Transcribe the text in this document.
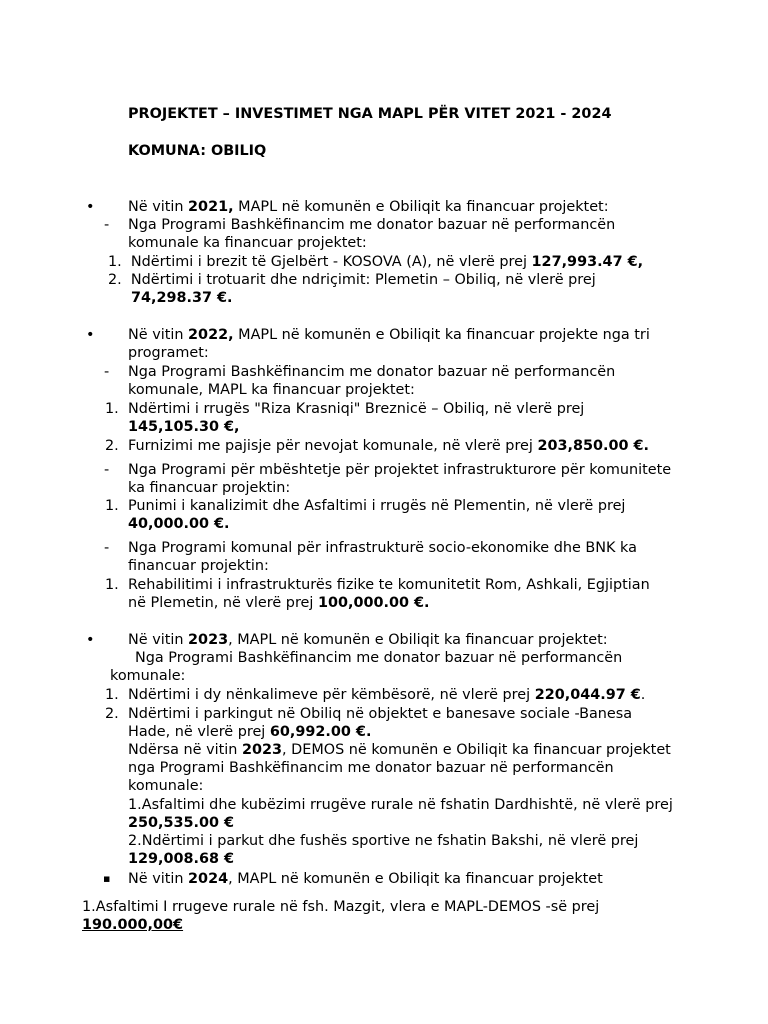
PROJEKTET – INVESTIMET NGA MAPL PËR VITET 2021 - 2024
KOMUNA: OBILIQ
• Në vitin 2021, MAPL në komunën e Obiliqit ka financuar projektet:
- Nga Programi Bashkëfinancim me donator bazuar në performancën
komunale ka financuar projektet:
1. Ndërtimi i brezit të Gjelbërt - KOSOVA (A), në vlerë prej 127,993.47 €,
2. Ndërtimi i trotuarit dhe ndriçimit: Plemetin – Obiliq, në vlerë prej
74,298.37 €.
• Në vitin 2022, MAPL në komunën e Obiliqit ka financuar projekte nga tri
programet:
- Nga Programi Bashkëfinancim me donator bazuar në performancën
komunale, MAPL ka financuar projektet:
1. Ndërtimi i rrugës "Riza Krasniqi" Breznicë – Obiliq, në vlerë prej
145,105.30 €,
2. Furnizimi me pajisje për nevojat komunale, në vlerë prej 203,850.00 €.
- Nga Programi për mbështetje për projektet infrastrukturore për komunitete
ka financuar projektin:
1. Punimi i kanalizimit dhe Asfaltimi i rrugës në Plementin, në vlerë prej
40,000.00 €.
- Nga Programi komunal për infrastrukturë socio-ekonomike dhe BNK ka
financuar projektin:
1. Rehabilitimi i infrastrukturës fizike te komunitetit Rom, Ashkali, Egjiptian
në Plemetin, në vlerë prej 100,000.00 €.
• Në vitin 2023, MAPL në komunën e Obiliqit ka financuar projektet:
Nga Programi Bashkëfinancim me donator bazuar në performancën
komunale:
1. Ndërtimi i dy nënkalimeve për këmbësorë, në vlerë prej 220,044.97 €.
2. Ndërtimi i parkingut në Obiliq në objektet e banesave sociale -Banesa
Hade, në vlerë prej 60,992.00 €.
Ndërsa në vitin 2023, DEMOS në komunën e Obiliqit ka financuar projektet
nga Programi Bashkëfinancim me donator bazuar në performancën
komunale:
1.Asfaltimi dhe kubëzimi rrugëve rurale në fshatin Dardhishtë, në vlerë prej
250,535.00 €
2.Ndërtimi i parkut dhe fushës sportive ne fshatin Bakshi, në vlerë prej
129,008.68 €
▪ Në vitin 2024, MAPL në komunën e Obiliqit ka financuar projektet
1.Asfaltimi I rrugeve rurale në fsh. Mazgit, vlera e MAPL-DEMOS -së prej
190.000,00€
